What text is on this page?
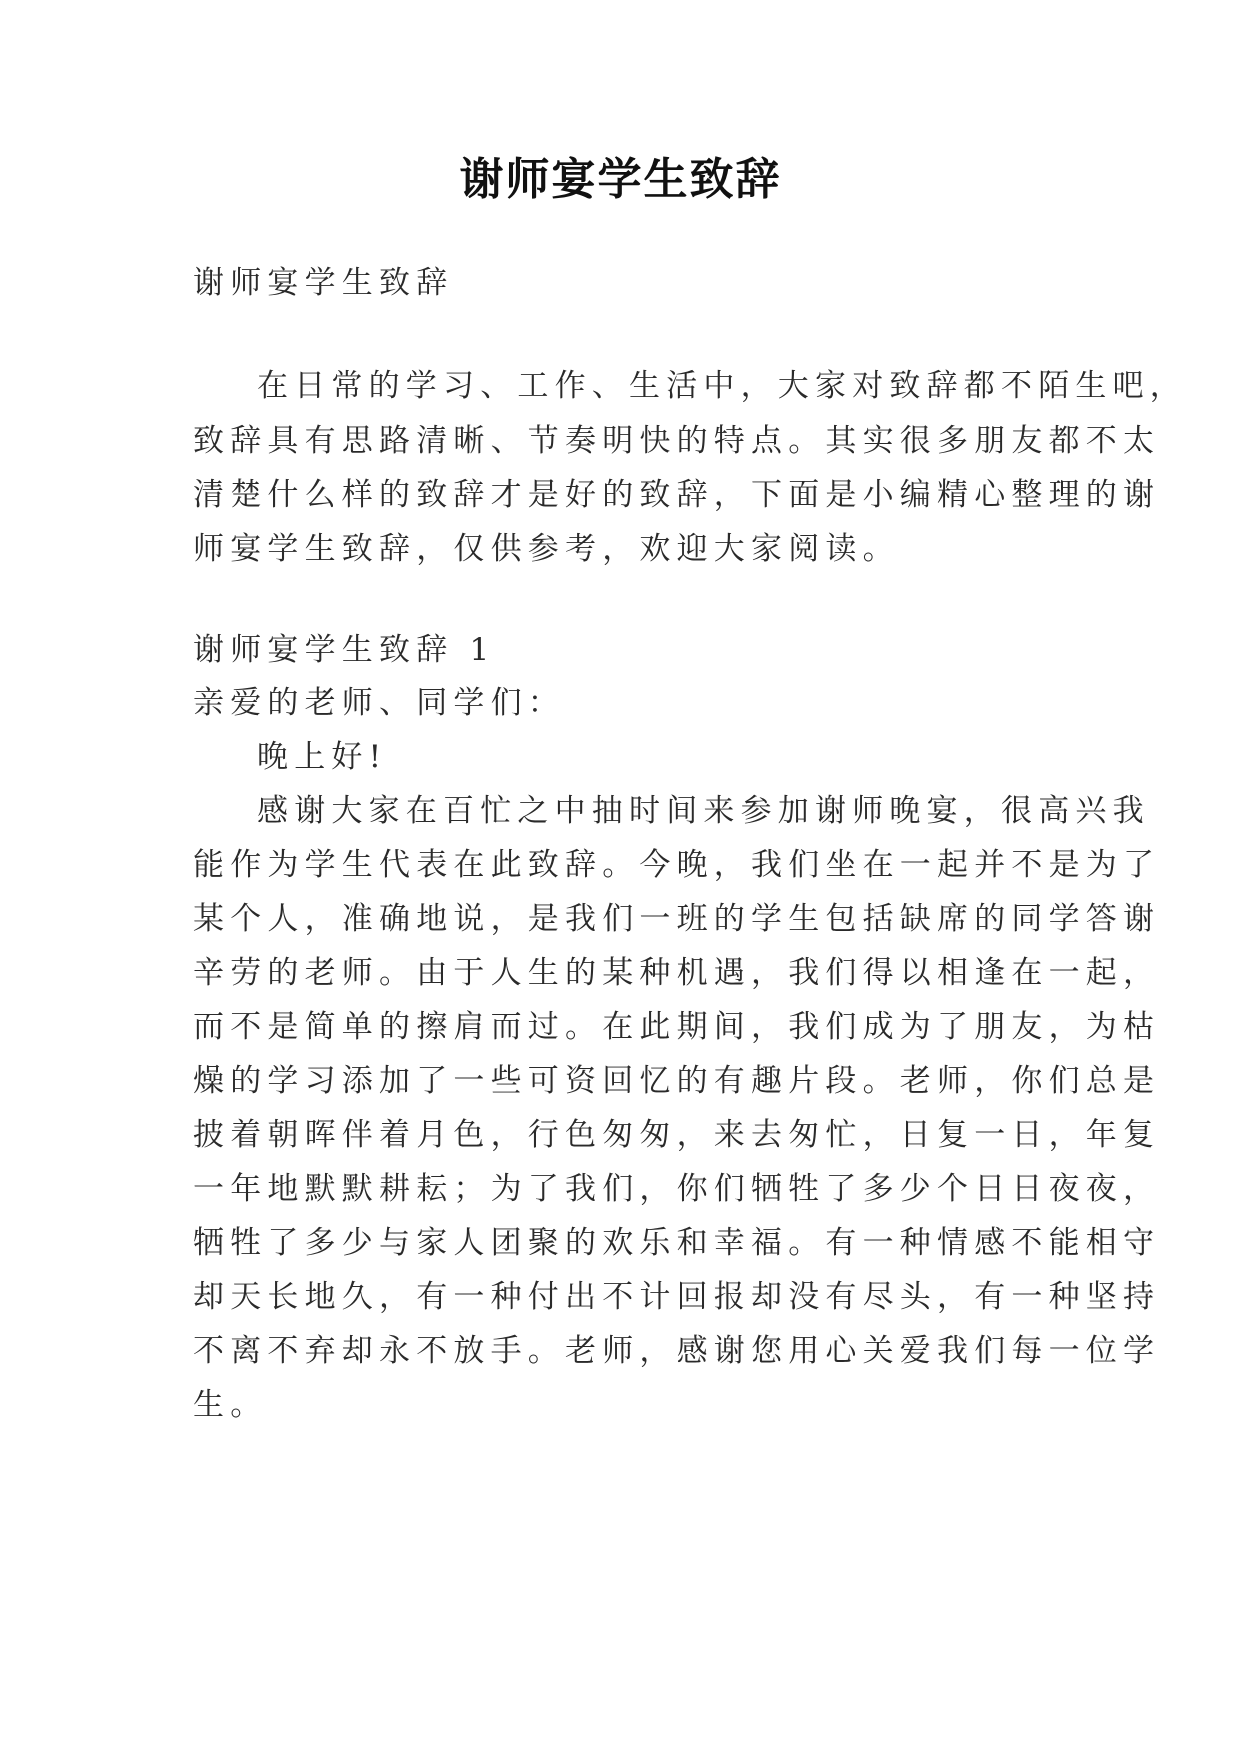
谢师宴学生致辞
谢师宴学生致辞
在日常的学习、工作、生活中，大家对致辞都不陌生吧，
致辞具有思路清晰、节奏明快的特点。其实很多朋友都不太
清楚什么样的致辞才是好的致辞，下面是小编精心整理的谢
师宴学生致辞，仅供参考，欢迎大家阅读。
谢师宴学生致辞 1
亲爱的老师、同学们：
晚上好!
感谢大家在百忙之中抽时间来参加谢师晚宴，很高兴我
能作为学生代表在此致辞。今晚，我们坐在一起并不是为了
某个人，准确地说，是我们一班的学生包括缺席的同学答谢
辛劳的老师。由于人生的某种机遇，我们得以相逢在一起，
而不是简单的擦肩而过。在此期间，我们成为了朋友，为枯
燥的学习添加了一些可资回忆的有趣片段。老师，你们总是
披着朝晖伴着月色，行色匆匆，来去匆忙，日复一日，年复
一年地默默耕耘；为了我们，你们牺牲了多少个日日夜夜，
牺牲了多少与家人团聚的欢乐和幸福。有一种情感不能相守
却天长地久，有一种付出不计回报却没有尽头，有一种坚持
不离不弃却永不放手。老师，感谢您用心关爱我们每一位学
生。
